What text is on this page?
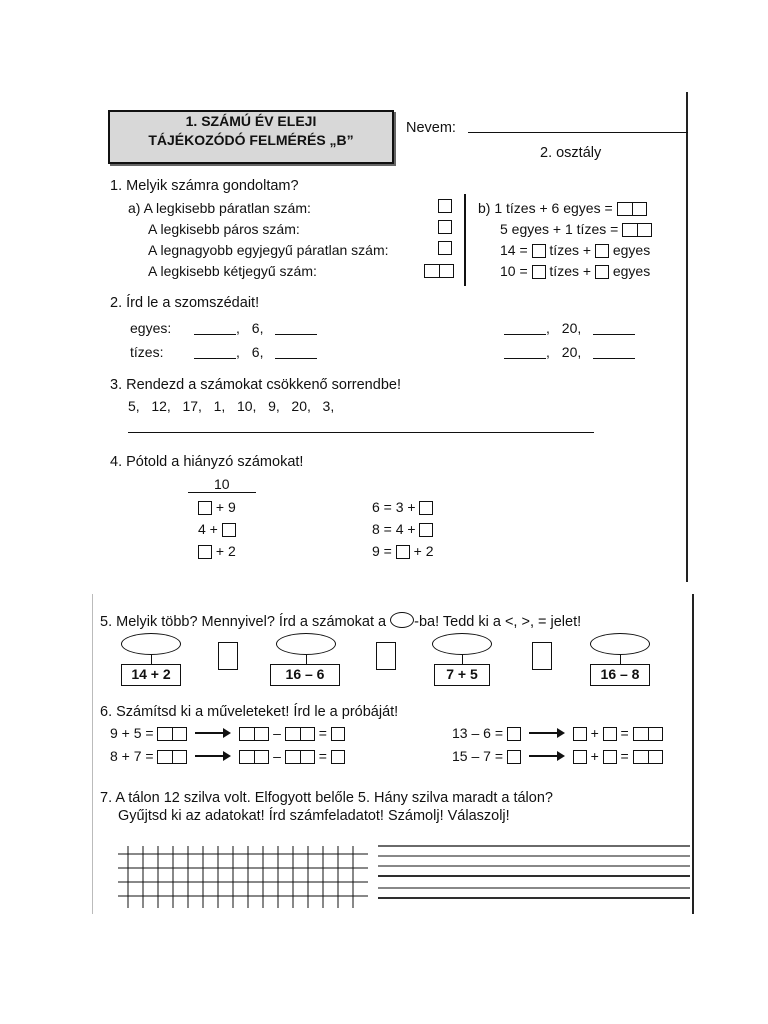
1. SZÁMÚ ÉV ELEJI
TÁJÉKOZÓDÓ FELMÉRÉS „B”
Nevem:
2. osztály
1. Melyik számra gondoltam?
a) A legkisebb páratlan szám:
A legkisebb páros szám:
A legnagyobb egyjegyű páratlan szám:
A legkisebb kétjegyű szám:
b) 1 tízes + 6 egyes =
5 egyes + 1 tízes =
14 = tízes + egyes
10 = tízes + egyes
2. Írd le a szomszédait!
egyes:	, 6,	, 20,
tízes:	, 6,	, 20,
3. Rendezd a számokat csökkenő sorrendbe!
5,   12,   17,   1,   10,   9,   20,   3,
4. Pótold a hiányzó számokat!
10
+ 9
4 +
+ 2
6 = 3 +
8 = 4 +
9 = + 2
5. Melyik több? Mennyivel? Írd a számokat a -ba! Tedd ki a <, >, = jelet!
14 + 2	16 – 6	7 + 5	16 – 8
6. Számítsd ki a műveleteket! Írd le a próbáját!
9 + 5 =	–	=
8 + 7 =	–	=
13 – 6 =	+ =
15 – 7 =	+ =
7. A tálon 12 szilva volt. Elfogyott belőle 5. Hány szilva maradt a tálon?
Gyűjtsd ki az adatokat! Írd számfeladatot! Számolj! Válaszolj!
